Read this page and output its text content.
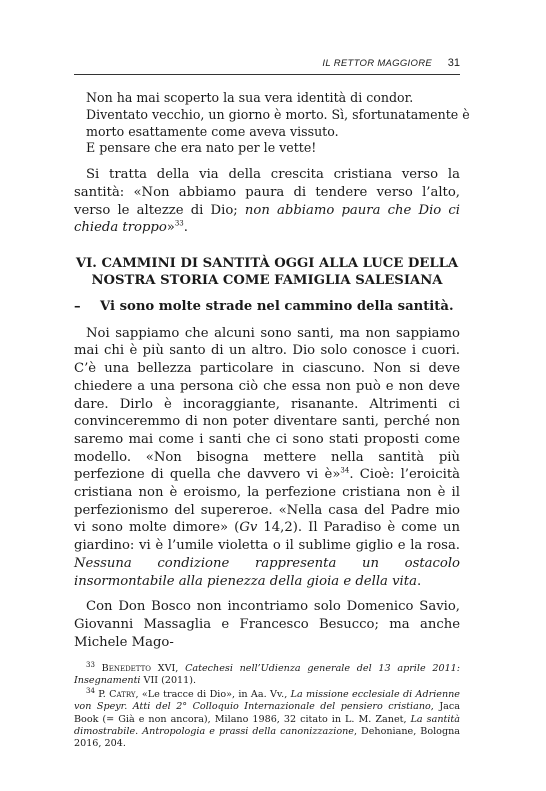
IL RETTOR MAGGIORE 31
Non ha mai scoperto la sua vera identità di condor.
Diventato vecchio, un giorno è morto. Sì, sfortunatamente è
morto esattamente come aveva vissuto.
E pensare che era nato per le vette!

Si tratta della via della crescita cristiana verso la santità: «Non abbiamo paura di tendere verso l’alto, verso le altezze di Dio; non abbiamo paura che Dio ci chieda troppo»$^{33}$.

VI. CAMMINI DI SANTITÀ OGGI ALLA LUCE DELLA NOSTRA STORIA COME FAMIGLIA SALESIANA
– Vi sono molte strade nel cammino della santità.

Noi sappiamo che alcuni sono santi, ma non sappiamo mai chi è più santo di un altro. Dio solo conosce i cuori. C’è una bellezza particolare in ciascuno. Non si deve chiedere a una persona ciò che essa non può e non deve dare. Dirlo è incoraggiante, risanante. Altrimenti ci convinceremmo di non poter diventare santi, perché non saremo mai come i santi che ci sono stati proposti come modello. «Non bisogna mettere nella santità più perfezione di quella che davvero vi è»$^{34}$. Cioè: l’eroicità cristiana non è eroismo, la perfezione cristiana non è il perfezionismo del supereroe. «Nella casa del Padre mio vi sono molte dimore» (Gv 14,2). Il Paradiso è come un giardino: vi è l’umile violetta o il sublime giglio e la rosa. Nessuna condizione rappresenta un ostacolo insormontabile alla pienezza della gioia e della vita.

Con Don Bosco non incontriamo solo Domenico Savio, Giovanni Massaglia e Francesco Besucco; ma anche Michele Mago-

$^{33}$ Benedetto XVI, Catechesi nell’Udienza generale del 13 aprile 2011: Insegnamenti VII (2011).
$^{34}$ P. Catry, «Le tracce di Dio», in Aa. Vv., La missione ecclesiale di Adrienne von Speyr. Atti del 2° Colloquio Internazionale del pensiero cristiano, Jaca Book (= Già e non ancora), Milano 1986, 32 citato in L. M. Zanet, La santità dimostrabile. Antropologia e prassi della canonizzazione, Dehoniane, Bologna 2016, 204.
